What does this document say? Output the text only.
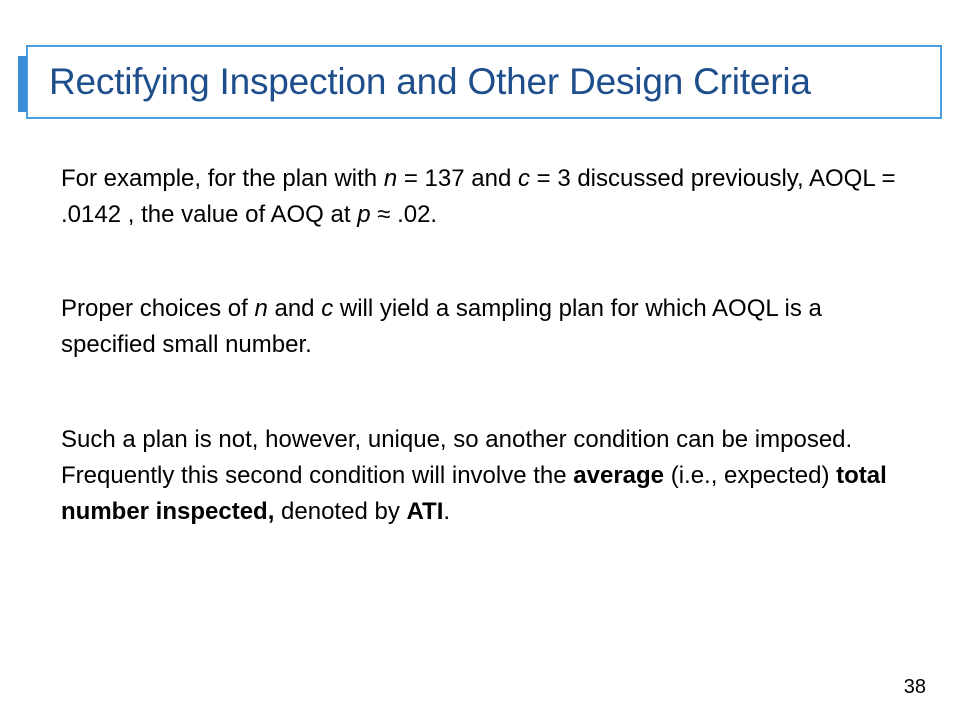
Rectifying Inspection and Other Design Criteria

For example, for the plan with n = 137 and c = 3 discussed previously, AOQL = .0142 , the value of AOQ at p ≈ .02.

Proper choices of n and c will yield a sampling plan for which AOQL is a specified small number.

Such a plan is not, however, unique, so another condition can be imposed. Frequently this second condition will involve the average (i.e., expected) total number inspected, denoted by ATI.

38
